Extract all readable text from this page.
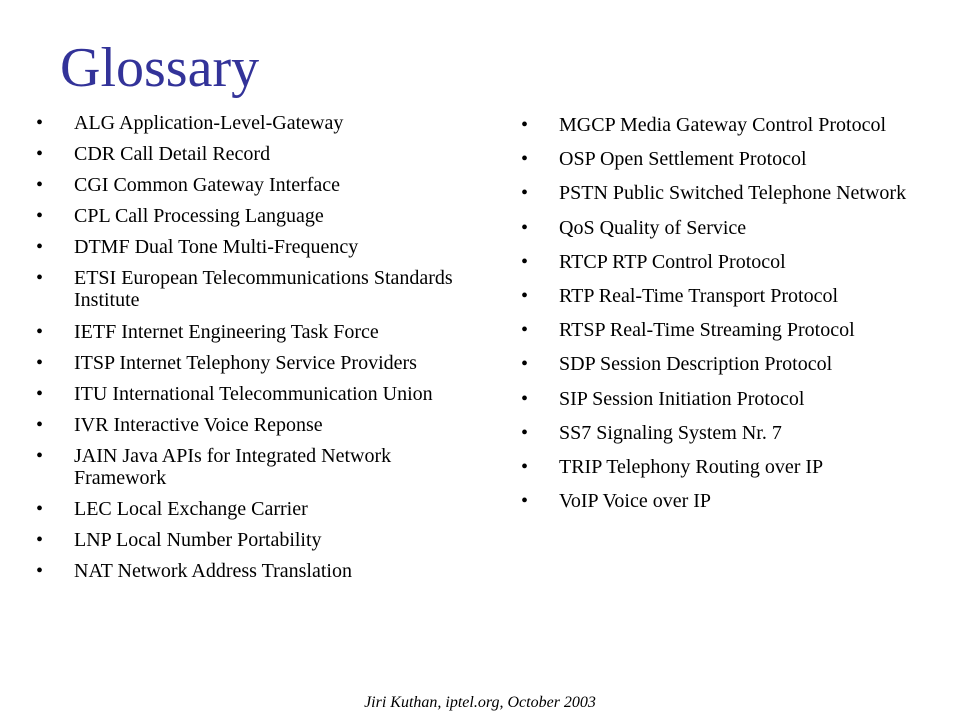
Glossary
•	ALG Application-Level-Gateway
•	CDR Call Detail Record
•	CGI Common Gateway Interface
•	CPL Call Processing Language
•	DTMF Dual Tone Multi-Frequency
•	ETSI European Telecommunications Standards Institute
•	IETF Internet Engineering Task Force
•	ITSP Internet Telephony Service Providers
•	ITU International Telecommunication Union
•	IVR Interactive Voice Reponse
•	JAIN Java APIs for Integrated Network Framework
•	LEC Local Exchange Carrier
•	LNP Local Number Portability
•	NAT Network Address Translation
•	MGCP Media Gateway Control Protocol
•	OSP Open Settlement Protocol
•	PSTN Public Switched Telephone Network
•	QoS Quality of Service
•	RTCP RTP Control Protocol
•	RTP Real-Time Transport Protocol
•	RTSP Real-Time Streaming Protocol
•	SDP Session Description Protocol
•	SIP Session Initiation Protocol
•	SS7 Signaling System Nr. 7
•	TRIP Telephony Routing over IP
•	VoIP Voice over IP
Jiri Kuthan, iptel.org, October 2003
